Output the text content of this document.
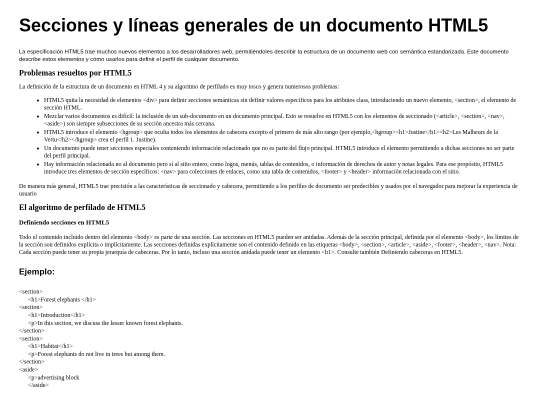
Secciones y líneas generales de un documento HTML5

La especificación HTML5 trae muchos nuevos elementos a los desarrolladores web, permitiéndoles describir la estructura de un documento web con semántica estandarizada. Este documento describe estos elementos y cómo usarlos para definir el perfil de cualquier documento.

Problemas resueltos por HTML5

La definición de la estructura de un documento en HTML 4 y su algoritmo de perfilado es muy tosco y genera numerosos problemas:

• HTML5 quita la necesidad de elementos <div> para definir secciones semánticas sin definir valores específicos para los atributos class, introduciendo un nuevo elemento, <section>, el elemento de sección HTML.
• Mezclar varios documentos es difícil: la inclusión de un sub-documento en un documento principal. Esto se resuelve en HTML5 con los elementos de seccionado (<article>, <section>, <nav>, <aside>) son siempre subsecciones de su sección ancestra más cercana.
• HTML5 introduce el elemento <hgroup> que oculta todos los elementos de cabecera excepto el primero de más alto rango (por ejemplo,<hgroup><h1>Justine</h1><h2>Les Malheurs de la Vertu</h2></hgroup> crea el perfil 1. Justine).
• Un documento puede tener secciones especiales conteniendo información relacionado que no es parte del flujo principal. HTML5 introduce el elemento permitiendo a dichas secciones no ser parte del perfil principal.
• Hay información relacionada no al documento pero sí al sitio entero, como logos, menús, tablas de contenidos, o información de derechos de autor y notas legales. Para ese propósito, HTML5 introduce tres elementos de sección específicos: <nav> para colecciones de enlaces, como una tabla de contenidos, <footer> y <header> información relacionada con el sitio.

De manera más general, HTML5 trae precisión a las características de seccionado y cabecera, permitiendo a los perfiles de documento ser predecibles y usados por el navegador para mejorar la experiencia de usuario

El algoritmo de perfilado de HTML5
Definiendo secciones en HTML5

Todo el contenido incluido dentro del elemento <body> es parte de una sección. Las secciones en HTML5 pueden ser anidadas. Además de la sección principal, definida por el elemento <body>, los límites de la sección son definidos explícita o implícitamente. Las secciones definidas explícitamente son el contenido definido en las etiquetas <body>, <section>, <article>, <aside>, <footer>, <header>, <nav>. Nota: Cada sección puede tener su propia jerarquía de cabeceras. Por lo tanto, incluso una sección anidada puede tener un elemento <h1>. Consulte también Definiendo cabeceras en HTML5.

Ejemplo:
<section>
<h1>Forest elephants </h1>
<section>
<h1>Introduction</h1>
<p>In this section, we discuss the lesser known forest elephants.
</section>
<section>
<h1>Habitat</h1>
<p>Forest elephants do not live in trees but among them.
</section>
<aside>
<p>advertising block
</aside>
